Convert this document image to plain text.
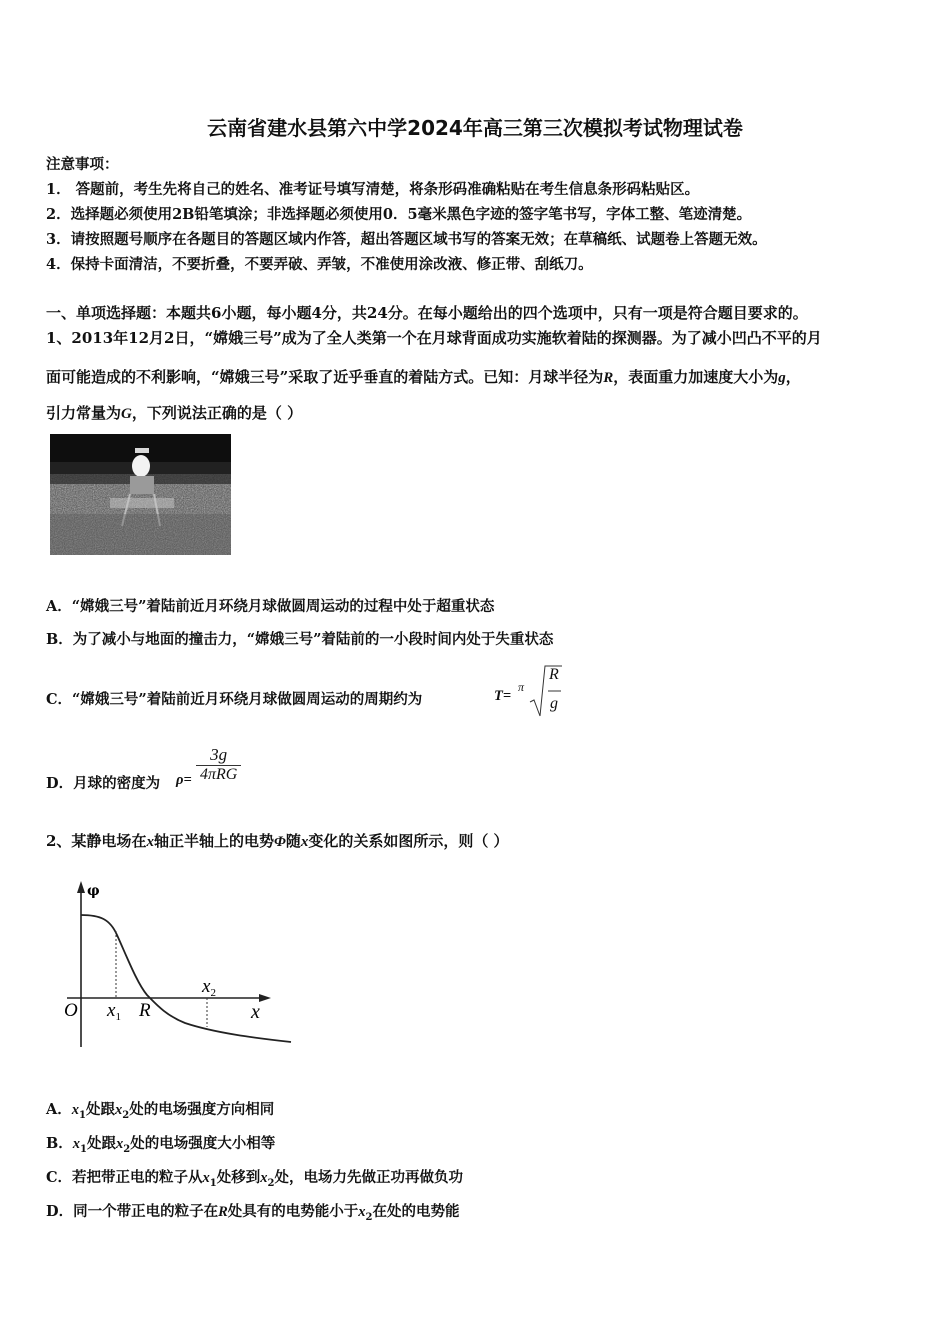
云南省建水县第六中学2024年高三第三次模拟考试物理试卷
注意事项：
1． 答题前，考生先将自己的姓名、准考证号填写清楚，将条形码准确粘贴在考生信息条形码粘贴区。
2．选择题必须使用2B铅笔填涂；非选择题必须使用0．5毫米黑色字迹的签字笔书写，字体工整、笔迹清楚。
3．请按照题号顺序在各题目的答题区域内作答，超出答题区域书写的答案无效；在草稿纸、试题卷上答题无效。
4．保持卡面清洁，不要折叠，不要弄破、弄皱，不准使用涂改液、修正带、刮纸刀。
一、单项选择题：本题共6小题，每小题4分，共24分。在每小题给出的四个选项中，只有一项是符合题目要求的。
1、2013年12月2日，“嫦娥三号”成为了全人类第一个在月球背面成功实施软着陆的探测器。为了减小凹凸不平的月
面可能造成的不利影响，“嫦娥三号”采取了近乎垂直的着陆方式。已知：月球半径为R，表面重力加速度大小为g，
引力常量为G，下列说法正确的是（ ）
A．“嫦娥三号”着陆前近月环绕月球做圆周运动的过程中处于超重状态
B．为了减小与地面的撞击力，“嫦娥三号”着陆前的一小段时间内处于失重状态
C．“嫦娥三号”着陆前近月环绕月球做圆周运动的周期约为	T=
π
R
g
D．月球的密度为 ρ=
3g
4πRG
2、某静电场在x轴正半轴上的电势Φ随x变化的关系如图所示，则（ ）
φ
O $x_1$ R
$x_2$
x
A．$x_1$处跟$x_2$处的电场强度方向相同
B．$x_1$处跟$x_2$处的电场强度大小相等
C．若把带正电的粒子从$x_1$处移到$x_2$处，电场力先做正功再做负功
D．同一个带正电的粒子在R处具有的电势能小于$x_2$在处的电势能
